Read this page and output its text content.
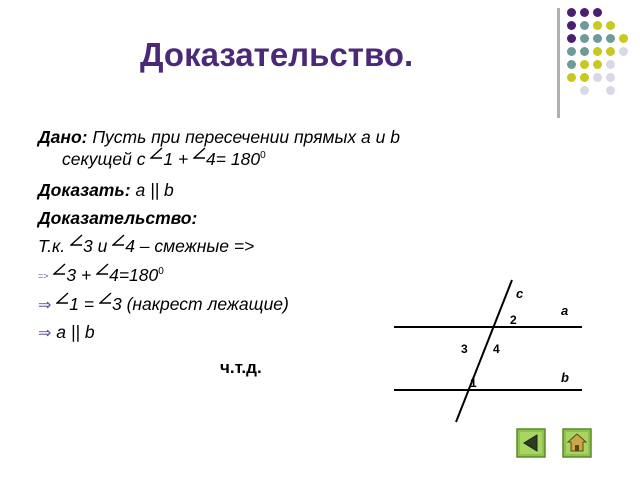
Доказательство.
Дано: Пусть при пересечении прямых а и b
секущей с $1 + 4= 180^0$
Доказать: а || b
Доказательство:
Т.к. 3 и 4 – смежные =>
=> $3 + 4=180^0$
⇒ 1 = 3 (накрест лежащие)
⇒ а || b
ч.т.д.
с
а
b
2
3 4
1
